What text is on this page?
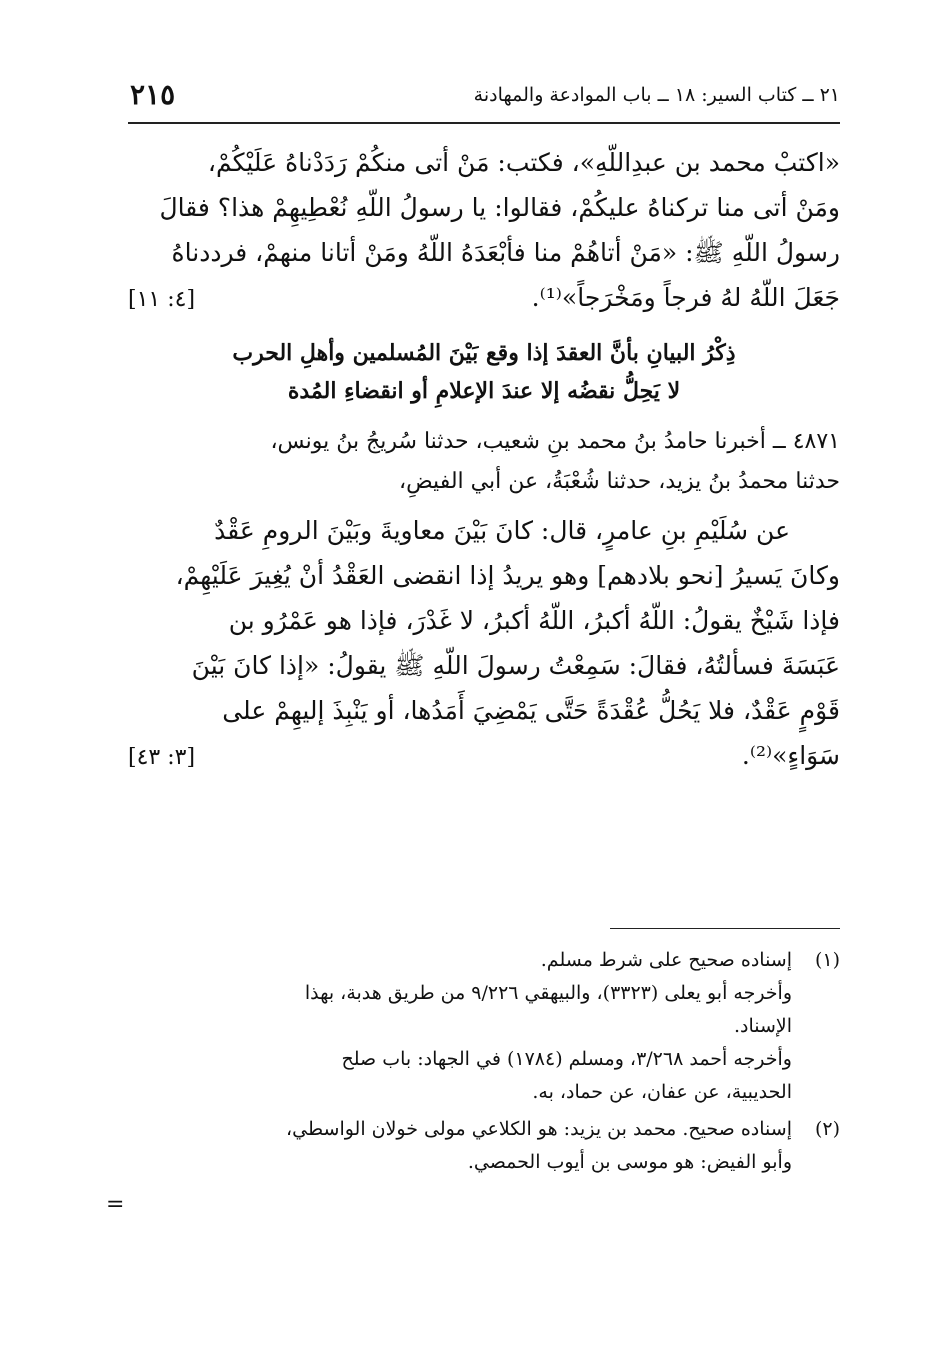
٢١ ــ كتاب السير: ١٨ ــ باب الموادعة والمهادنة
٢١٥

«اكتبْ محمد بن عبدِاللّهِ»، فكتب: مَنْ أتى منكُمْ رَدَدْناهُ عَلَيْكُمْ،

ومَنْ أتى منا تركناهُ عليكُمْ، فقالوا: يا رسولُ اللّهِ نُعْطِيهِمْ هذا؟ فقالَ

رسولُ اللّهِ ﷺ: «مَنْ أتاهُمْ منا فأبْعَدَهُ اللّهُ ومَنْ أتانا منهمْ، فرددناهُ

جَعَلَ اللّهُ لهُ فرجاً ومَخْرَجاً»⁽¹⁾.

[٤: ١١]
ذِكْرُ البيانِ بأنَّ العقدَ إذا وقع بَيْنَ المُسلمين وأهلِ الحرب
لا يَحِلُّ نقضُه إلا عندَ الإعلامِ أو انقضاءِ المُدة

٤٨٧١ ــ أخبرنا حامدُ بنُ محمد بنِ شعيب، حدثنا سُريجُ بنُ يونس،

حدثنا محمدُ بنُ يزيد، حدثنا شُعْبَةُ، عن أبي الفيضِ،

عن سُلَيْمِ بنِ عامرٍ، قال: كانَ بَيْنَ معاويةَ وبَيْنَ الرومِ عَقْدٌ

وكانَ يَسيرُ [نحو بلادهم] وهو يريدُ إذا انقضى العَقْدُ أنْ يُغِيرَ عَلَيْهِمْ،

فإذا شَيْخٌ يقولُ: اللّهُ أكبرُ، اللّهُ أكبرُ، لا غَدْرَ، فإذا هو عَمْرُو بن

عَبَسَةَ فسألتُهُ، فقالَ: سَمِعْتُ رسولَ اللّهِ ﷺ يقولُ: «إذا كانَ بَيْنَ

قَوْمٍ عَقْدٌ، فلا يَحُلُّ عُقْدَةً حَتَّى يَمْضِيَ أَمَدُها، أو يَنْبِذَ إليهِمْ على

سَوَاءٍ»⁽²⁾.

[٣: ٤٣]
(١)

إسناده صحيح على شرط مسلم.

وأخرجه أبو يعلى (٣٣٢٣)، والبيهقي ٩/٢٢٦ من طريق هدبة، بهذا

الإسناد.

وأخرجه أحمد ٣/٢٦٨، ومسلم (١٧٨٤) في الجهاد: باب صلح

الحديبية، عن عفان، عن حماد، به.

(٢)

إسناده صحيح. محمد بن يزيد: هو الكلاعي مولى خولان الواسطي،

وأبو الفيض: هو موسى بن أيوب الحمصي.

=
